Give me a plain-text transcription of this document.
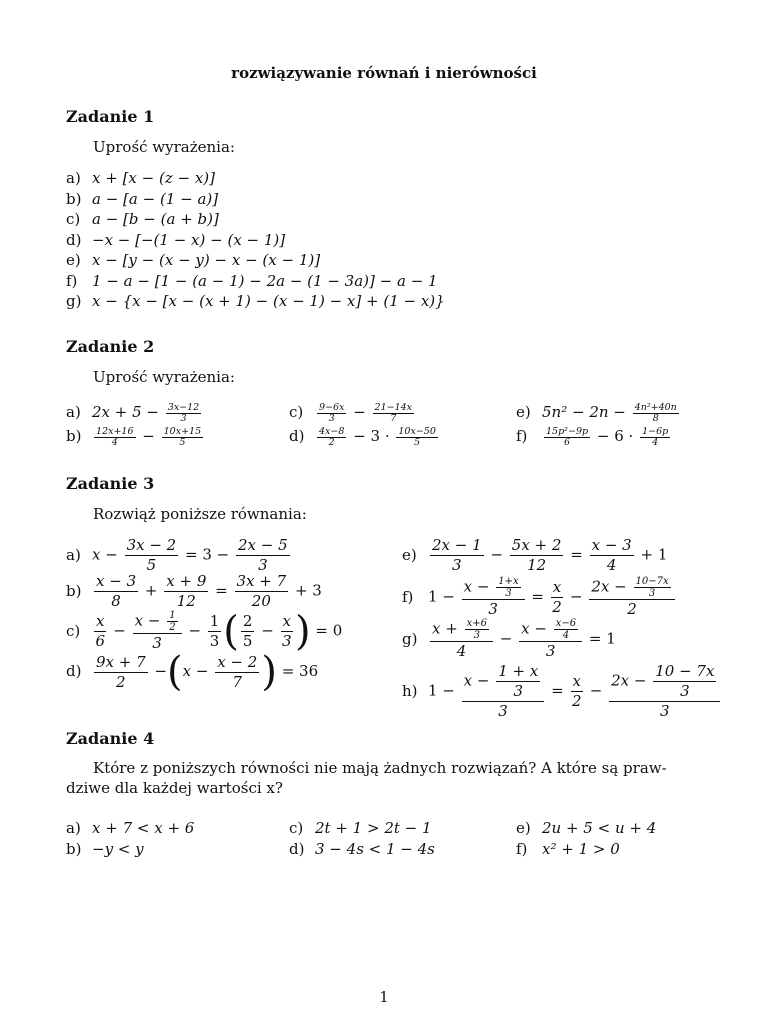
rozwiązywanie równań i nierówności
Zadanie 1
Uprość wyrażenia:
a) x + [x − (z − x)]
b) a − [a − (1 − a)]
c) a − [b − (a + b)]
d) −x − [−(1 − x) − (x − 1)]
e) x − [y − (x − y) − x − (x − 1)]
f) 1 − a − [1 − (a − 1) − 2a − (1 − 3a)] − a − 1
g) x − {x − [x − (x + 1) − (x − 1) − x] + (1 − x)}
Zadanie 2
Uprość wyrażenia:
a) $2x + 5 - \frac{3x-12}{3}$
$b) \frac{12x+16}{4} - \frac{10x+15}{5}$
$c) \frac{9-6x}{3} - \frac{21-14x}{7}$
$d) \frac{4x-8}{2} - 3 \cdot \frac{10x-50}{5}$
e) $5n^2 - 2n - \frac{\text{4n²+40n}}{8}$
$f) \frac{\text{15p²−9p}}{6} - 6 \cdot \frac{1-6p}{4}$
Zadanie 3
Rozwiąż poniższe równania:
a) $x - \frac{3x - 2}{5} = 3 - \frac{2x - 5}{3}$
$b) \frac{x - 3}{8} + \frac{x + 9}{12} = \frac{3x + 7}{20} + 3$
$c) \frac{x}{6} - \frac{x - \frac{1}{2}}{3} - \frac{1}{3}$ ( $\frac{2}{5} - \frac{x}{3}$ ) = 0
$d) \frac{9x + 7}{2} -(x - \frac{x - 2}{7}$ ) = 36
$e) \frac{2x - 1}{3} - \frac{5x + 2}{12} = \frac{x - 3}{4} + 1$
f) $1 - \frac{x - \frac{1+x}{3}}{3} = \frac{x}{2} - \frac{2x - \frac{10-7x}{3}}{2}$
$g) \frac{x + \frac{x+6}{3}}{4} - \frac{x - \frac{x-6}{4}}{3} = 1$
h) $1 - \frac{x - \frac{1 + x}{3}}{3} = \frac{x}{2} - \frac{2x - \frac{10 - 7x}{3}}{3}$
Zadanie 4
Które z poniższych równości nie mają żadnych rozwiązań? A które są praw-
dziwe dla każdej wartości x?
a) x + 7 < x + 6
b) −y < y
c) 2t + 1 > 2t − 1
d) 3 − 4s < 1 − 4s
e) 2u + 5 < u + 4
f) x² + 1 > 0
1
